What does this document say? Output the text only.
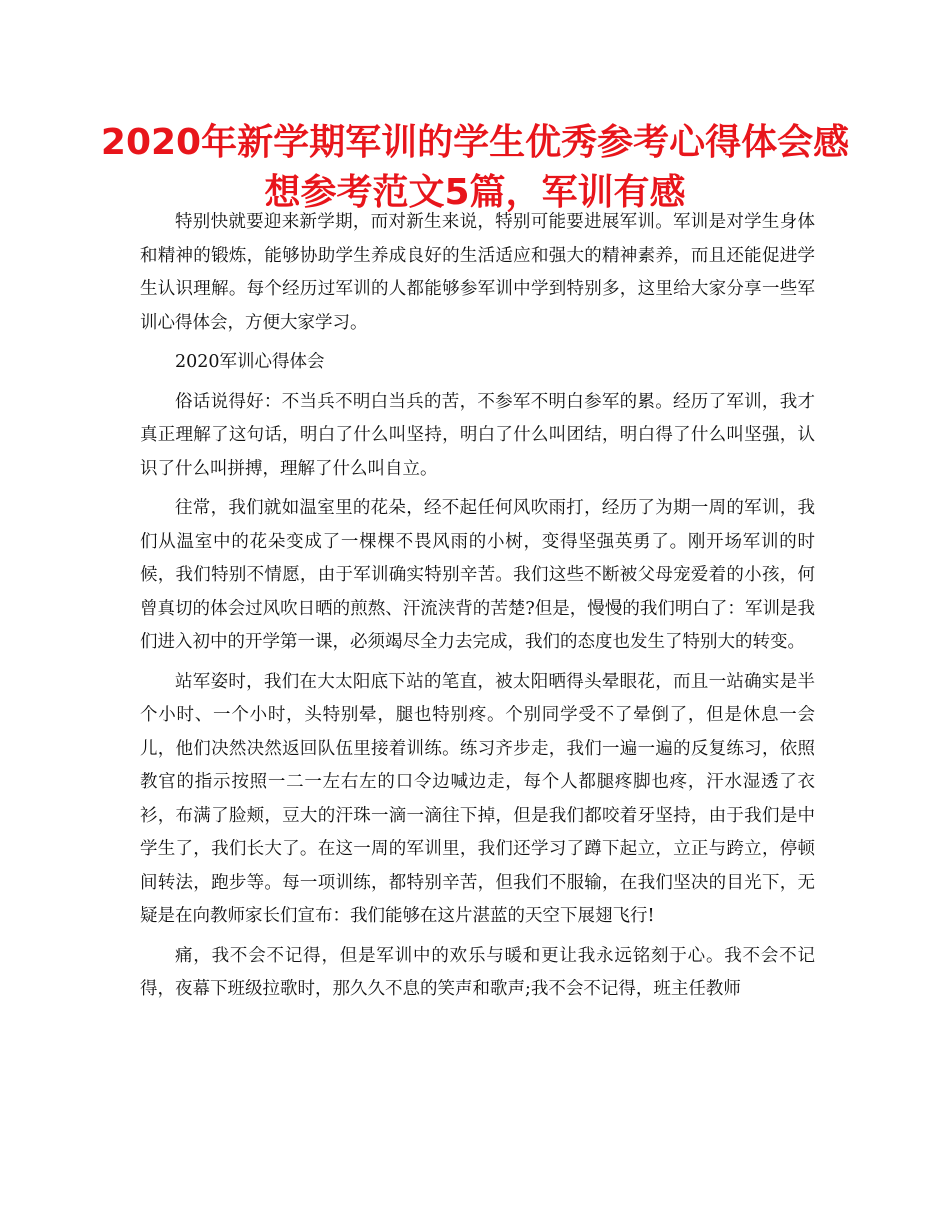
2020年新学期军训的学生优秀参考心得体会感想参考范文5篇，军训有感

特别快就要迎来新学期，而对新生来说，特别可能要进展军训。军训是对学生身体和精神的锻炼，能够协助学生养成良好的生活适应和强大的精神素养，而且还能促进学生认识理解。每个经历过军训的人都能够参军训中学到特别多，这里给大家分享一些军训心得体会，方便大家学习。

2020军训心得体会

俗话说得好：不当兵不明白当兵的苦，不参军不明白参军的累。经历了军训，我才真正理解了这句话，明白了什么叫坚持，明白了什么叫团结，明白得了什么叫坚强，认识了什么叫拼搏，理解了什么叫自立。

往常，我们就如温室里的花朵，经不起任何风吹雨打，经历了为期一周的军训，我们从温室中的花朵变成了一棵棵不畏风雨的小树，变得坚强英勇了。刚开场军训的时候，我们特别不情愿，由于军训确实特别辛苦。我们这些不断被父母宠爱着的小孩，何曾真切的体会过风吹日晒的煎熬、汗流浃背的苦楚?但是，慢慢的我们明白了：军训是我们进入初中的开学第一课，必须竭尽全力去完成，我们的态度也发生了特别大的转变。

站军姿时，我们在大太阳底下站的笔直，被太阳晒得头晕眼花，而且一站确实是半个小时、一个小时，头特别晕，腿也特别疼。个别同学受不了晕倒了，但是休息一会儿，他们决然决然返回队伍里接着训练。练习齐步走，我们一遍一遍的反复练习，依照教官的指示按照一二一左右左的口令边喊边走，每个人都腿疼脚也疼，汗水湿透了衣衫，布满了脸颊，豆大的汗珠一滴一滴往下掉，但是我们都咬着牙坚持，由于我们是中学生了，我们长大了。在这一周的军训里，我们还学习了蹲下起立，立正与跨立，停顿间转法，跑步等。每一项训练，都特别辛苦，但我们不服输，在我们坚决的目光下，无疑是在向教师家长们宣布：我们能够在这片湛蓝的天空下展翅飞行!

痛，我不会不记得，但是军训中的欢乐与暖和更让我永远铭刻于心。我不会不记得，夜幕下班级拉歌时，那久久不息的笑声和歌声;我不会不记得，班主任教师
